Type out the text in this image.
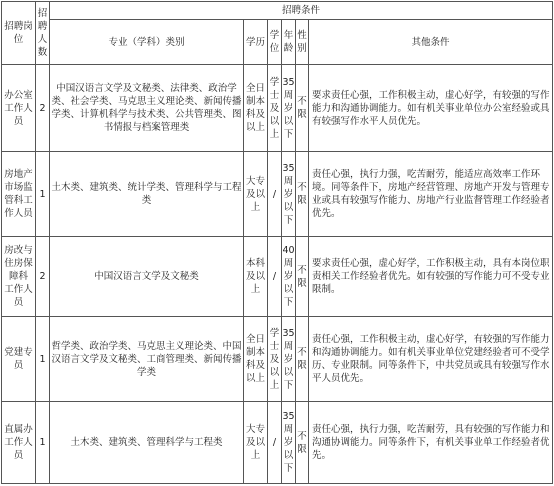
招聘岗位	招聘人数	招聘条件					
		专业（学科）类别	学历	学位	年龄	性别	其他条件
办公室工作人员	2	中国汉语言文学及文秘类、法律类、政治学类、社会学类、马克思主义理论类、新闻传播学类、计算机科学与技术类、公共管理类、图书情报与档案管理类	全日制本科及以上	学士及以上	35周岁以下	不限	要求责任心强，工作积极主动，虚心好学，有较强的写作能力和沟通协调能力。如有机关事业单位办公室经验或具有较强写作水平人员优先。
房地产市场监管科工作人员	1	土木类、建筑类、统计学类、管理科学与工程类	大专及以上	/	35周岁以下	不限	责任心强，执行力强，吃苦耐劳，能适应高效率工作环境。同等条件下，房地产经营管理、房地产开发与管理专业或具有较强写作能力、房地产行业监督管理工作经验者优先。
房改与住房保障科 工作人员	2	中国汉语言文学及文秘类	本科及以上	/	40周岁以下	不限	要求责任心强，虚心好学，工作积极主动，具有本岗位职责相关工作经验者优先。如有较强的写作能力可不受专业限制。
党建专员	1	哲学类、政治学类、马克思主义理论类、中国汉语言文学及文秘类、工商管理类、新闻传播学类	全日制本科及以上	学士及以上	35周岁以下	不限	责任心强，工作积极主动，虚心好学，有较强的写作能力和沟通协调能力。如有机关事业单位党建经验者可不受学历、专业限制。同等条件下，中共党员或具有较强写作水平人员优先。
直属办工作人员	1	土木类、建筑类、管理科学与工程类	大专及以上	/	35周岁以下	不限	责任心强，执行力强，吃苦耐劳，具有较强的写作能力和沟通协调能力。同等条件下，有机关事业单工作经验者优先。
